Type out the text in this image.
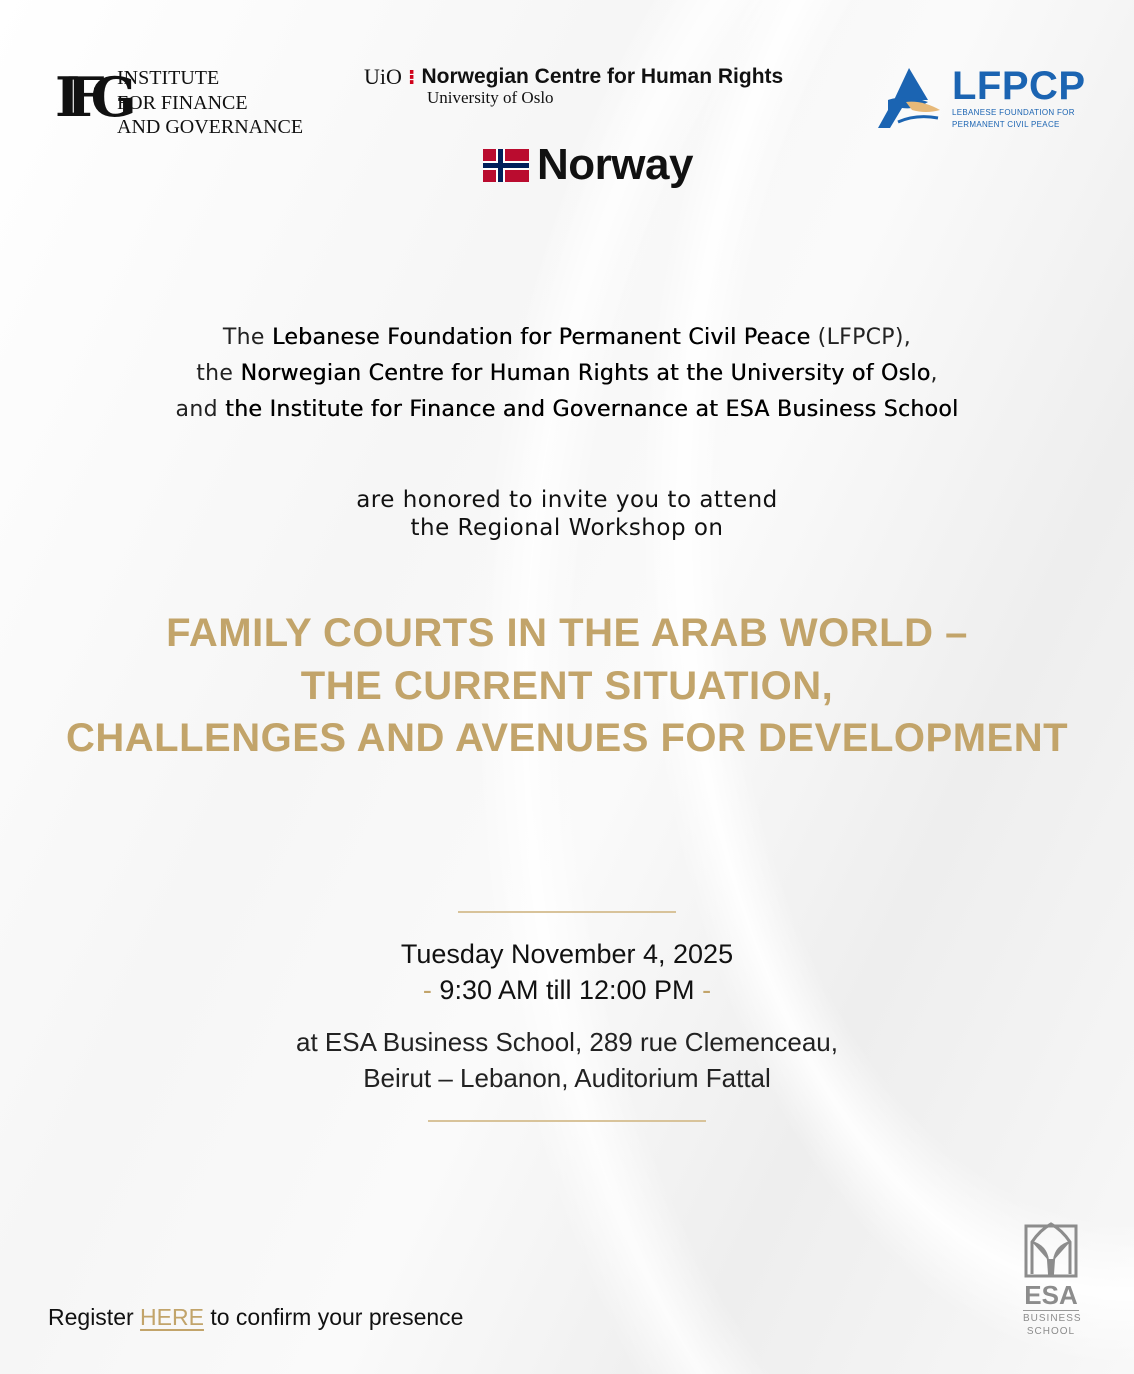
IFG
INSTITUTE
FOR FINANCE
AND GOVERNANCE
UiO ⁝ Norwegian Centre for Human Rights
University of Oslo
Norway
LFPCP
LEBANESE FOUNDATION FOR
PERMANENT CIVIL PEACE
The Lebanese Foundation for Permanent Civil Peace (LFPCP),
the Norwegian Centre for Human Rights at the University of Oslo,
and the Institute for Finance and Governance at ESA Business School
are honored to invite you to attend
the Regional Workshop on
FAMILY COURTS IN THE ARAB WORLD –
THE CURRENT SITUATION,
CHALLENGES AND AVENUES FOR DEVELOPMENT
Tuesday November 4, 2025
- 9:30 AM till 12:00 PM -
at ESA Business School, 289 rue Clemenceau,
Beirut – Lebanon, Auditorium Fattal
Register HERE to confirm your presence
ESA
BUSINESS
SCHOOL
